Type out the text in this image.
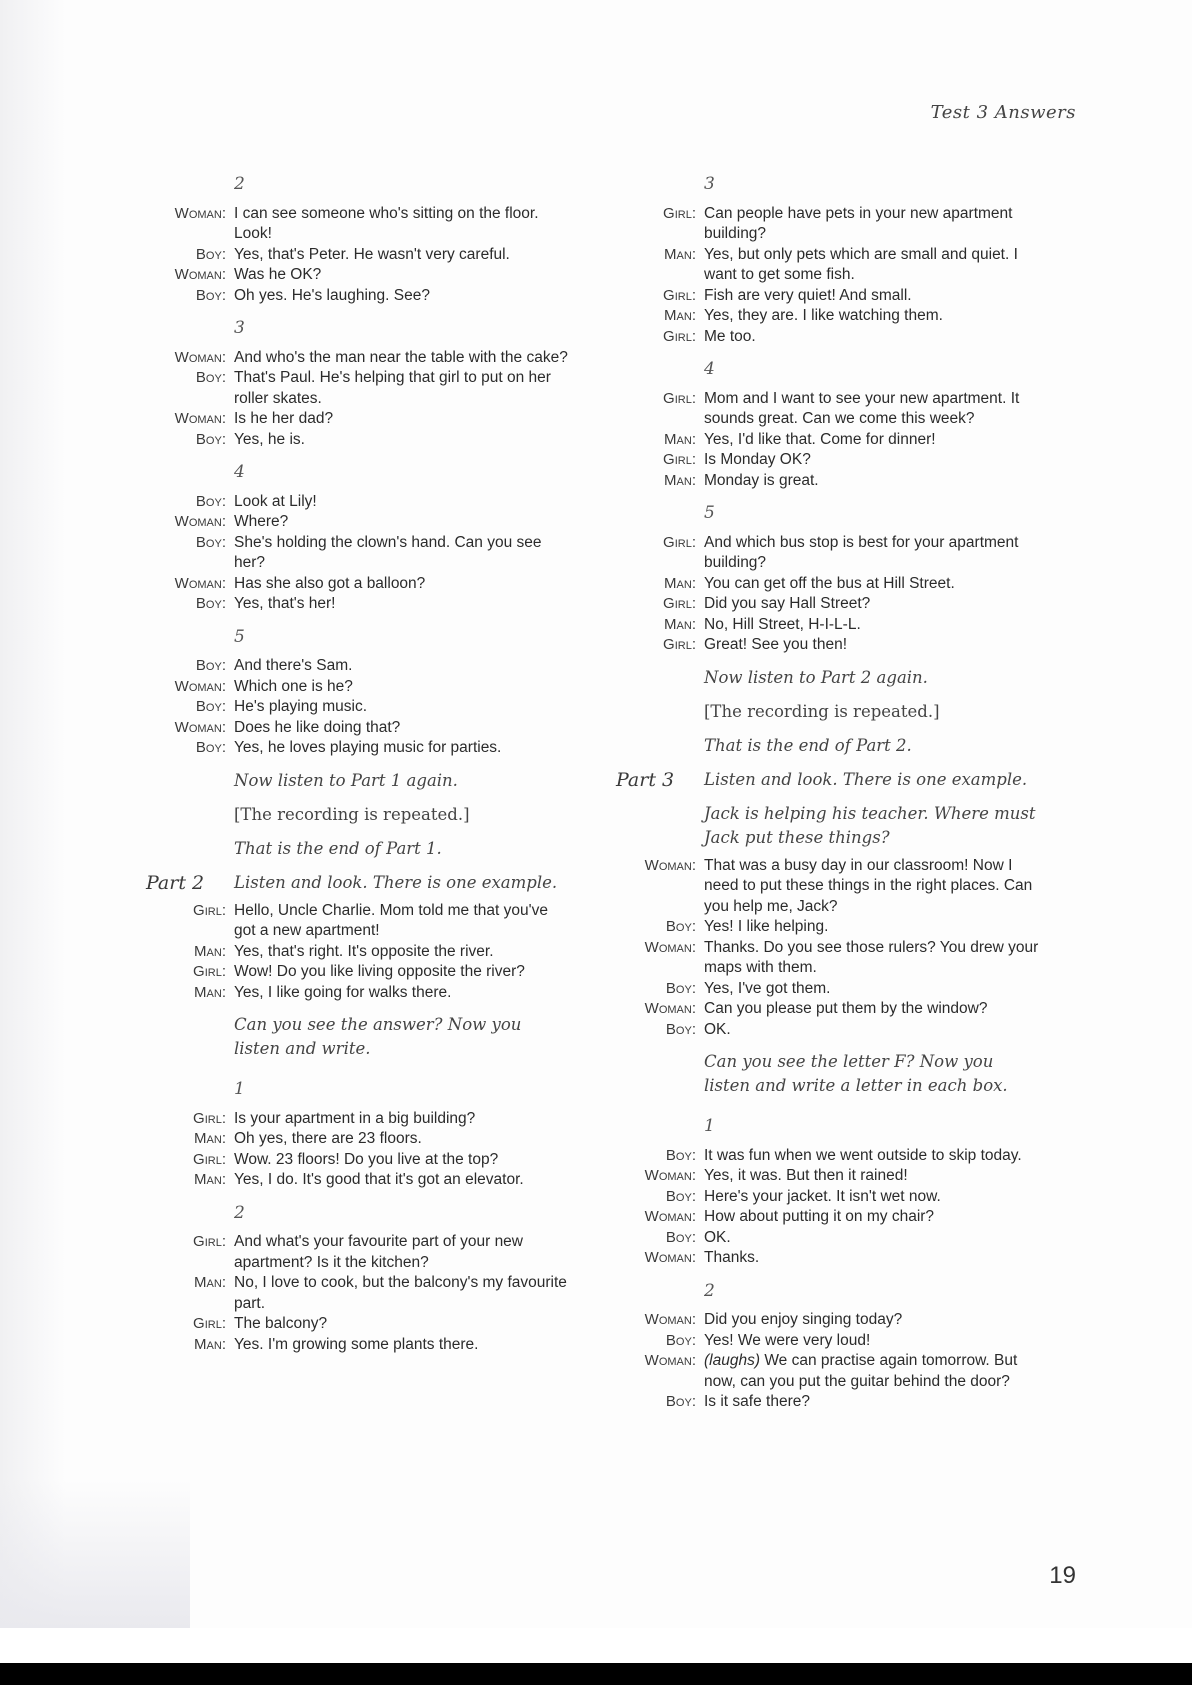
Test 3 Answers
2
Woman: I can see someone who's sitting on the floor. Look!
Boy: Yes, that's Peter. He wasn't very careful.
Woman: Was he OK?
Boy: Oh yes. He's laughing. See?
3
Woman: And who's the man near the table with the cake?
Boy: That's Paul. He's helping that girl to put on her roller skates.
Woman: Is he her dad?
Boy: Yes, he is.
4
Boy: Look at Lily!
Woman: Where?
Boy: She's holding the clown's hand. Can you see her?
Woman: Has she also got a balloon?
Boy: Yes, that's her!
5
Boy: And there's Sam.
Woman: Which one is he?
Boy: He's playing music.
Woman: Does he like doing that?
Boy: Yes, he loves playing music for parties.
Now listen to Part 1 again.
[The recording is repeated.]
That is the end of Part 1.
Part 2	Listen and look. There is one example.
Girl: Hello, Uncle Charlie. Mom told me that you've got a new apartment!
Man: Yes, that's right. It's opposite the river.
Girl: Wow! Do you like living opposite the river?
Man: Yes, I like going for walks there.
Can you see the answer? Now you listen and write.
1
Girl: Is your apartment in a big building?
Man: Oh yes, there are 23 floors.
Girl: Wow. 23 floors! Do you live at the top?
Man: Yes, I do. It's good that it's got an elevator.
2
Girl: And what's your favourite part of your new apartment? Is it the kitchen?
Man: No, I love to cook, but the balcony's my favourite part.
Girl: The balcony?
Man: Yes. I'm growing some plants there.
3
Girl: Can people have pets in your new apartment building?
Man: Yes, but only pets which are small and quiet. I want to get some fish.
Girl: Fish are very quiet! And small.
Man: Yes, they are. I like watching them.
Girl: Me too.
4
Girl: Mom and I want to see your new apartment. It sounds great. Can we come this week?
Man: Yes, I'd like that. Come for dinner!
Girl: Is Monday OK?
Man: Monday is great.
5
Girl: And which bus stop is best for your apartment building?
Man: You can get off the bus at Hill Street.
Girl: Did you say Hall Street?
Man: No, Hill Street, H-I-L-L.
Girl: Great! See you then!
Now listen to Part 2 again.
[The recording is repeated.]
That is the end of Part 2.
Part 3	Listen and look. There is one example.
Jack is helping his teacher. Where must Jack put these things?
Woman: That was a busy day in our classroom! Now I need to put these things in the right places. Can you help me, Jack?
Boy: Yes! I like helping.
Woman: Thanks. Do you see those rulers? You drew your maps with them.
Boy: Yes, I've got them.
Woman: Can you please put them by the window?
Boy: OK.
Can you see the letter F? Now you listen and write a letter in each box.
1
Boy: It was fun when we went outside to skip today.
Woman: Yes, it was. But then it rained!
Boy: Here's your jacket. It isn't wet now.
Woman: How about putting it on my chair?
Boy: OK.
Woman: Thanks.
2
Woman: Did you enjoy singing today?
Boy: Yes! We were very loud!
Woman: (laughs) We can practise again tomorrow. But now, can you put the guitar behind the door?
Boy: Is it safe there?
19
